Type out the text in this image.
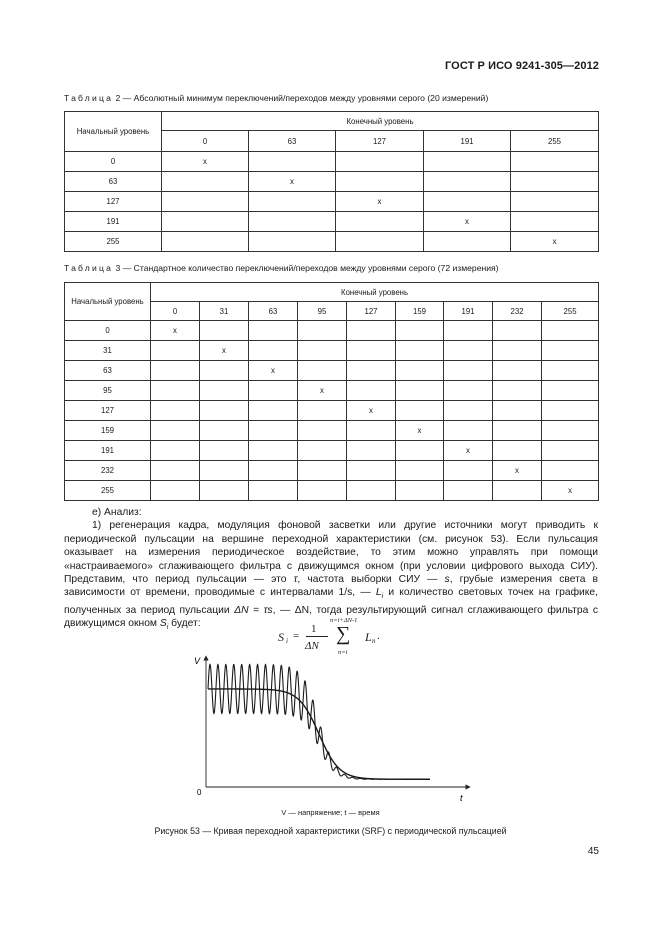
ГОСТ Р ИСО 9241-305—2012
Таблица 2 — Абсолютный минимум переключений/переходов между уровнями серого (20 измерений)
Начальный уровень	Конечный уровень				
	0	63	127	191	255
0	x				
63		x			
127			x		
191				x	
255					x
Таблица 3 — Стандартное количество переключений/переходов между уровнями серого (72 измерения)
Начальный уровень	Конечный уровень								
	0	31	63	95	127	159	191	232	255
0	x								
31		x							
63			x						
95				x					
127					x				
159						x			
191							x		
232								x	
255									x

е) Анализ:

1) регенерация кадра, модуляция фоновой засветки или другие источники могут приводить к периодической пульсации на вершине переходной характеристики (см. рисунок 53). Если пульсация оказывает на измерения периодическое воздействие, то этим можно управлять при помощи «настраиваемого» сглаживающего фильтра с движущимся окном (при условии цифрового выхода СИУ). Представим, что период пульсации — это τ, частота выборки СИУ — s, грубые измерения света в зависимости от времени, проводимые с интервалами 1/s, — $L_i$ и количество световых точек на графике, полученных за период пульсации ΔN = τs, — ΔN, тогда результирующий сигнал сглаживающего фильтра с движущимся окном $S_i$ будет:

S i =
1
ΔN
n=i+ΔN-1
∑
n=i
L n .
V
0
t
V — напряжение; t — время
Рисунок 53 — Кривая переходной характеристики (SRF) с периодической пульсацией
45
